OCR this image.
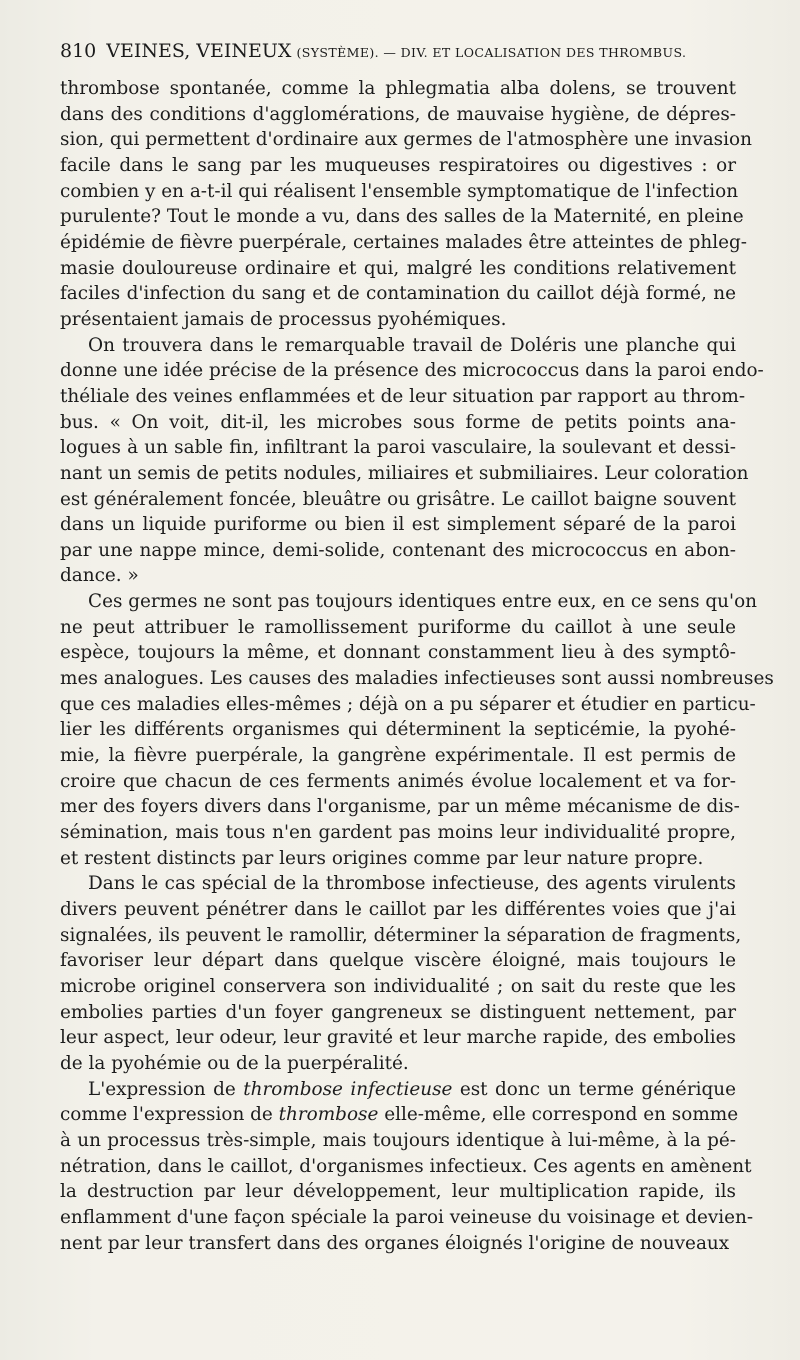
810 VEINES, VEINEUX (SYSTÈME). — DIV. ET LOCALISATION DES THROMBUS.
thrombose spontanée, comme la phlegmatia alba dolens, se trouvent
dans des conditions d'agglomérations, de mauvaise hygiène, de dépres-
sion, qui permettent d'ordinaire aux germes de l'atmosphère une invasion
facile dans le sang par les muqueuses respiratoires ou digestives : or
combien y en a-t-il qui réalisent l'ensemble symptomatique de l'infection
purulente? Tout le monde a vu, dans des salles de la Maternité, en pleine
épidémie de fièvre puerpérale, certaines malades être atteintes de phleg-
masie douloureuse ordinaire et qui, malgré les conditions relativement
faciles d'infection du sang et de contamination du caillot déjà formé, ne
présentaient jamais de processus pyohémiques.
On trouvera dans le remarquable travail de Doléris une planche qui
donne une idée précise de la présence des micrococcus dans la paroi endo-
théliale des veines enflammées et de leur situation par rapport au throm-
bus. « On voit, dit-il, les microbes sous forme de petits points ana-
logues à un sable fin, infiltrant la paroi vasculaire, la soulevant et dessi-
nant un semis de petits nodules, miliaires et submiliaires. Leur coloration
est généralement foncée, bleuâtre ou grisâtre. Le caillot baigne souvent
dans un liquide puriforme ou bien il est simplement séparé de la paroi
par une nappe mince, demi-solide, contenant des micrococcus en abon-
dance. »
Ces germes ne sont pas toujours identiques entre eux, en ce sens qu'on
ne peut attribuer le ramollissement puriforme du caillot à une seule
espèce, toujours la même, et donnant constamment lieu à des symptô-
mes analogues. Les causes des maladies infectieuses sont aussi nombreuses
que ces maladies elles-mêmes ; déjà on a pu séparer et étudier en particu-
lier les différents organismes qui déterminent la septicémie, la pyohé-
mie, la fièvre puerpérale, la gangrène expérimentale. Il est permis de
croire que chacun de ces ferments animés évolue localement et va for-
mer des foyers divers dans l'organisme, par un même mécanisme de dis-
sémination, mais tous n'en gardent pas moins leur individualité propre,
et restent distincts par leurs origines comme par leur nature propre.
Dans le cas spécial de la thrombose infectieuse, des agents virulents
divers peuvent pénétrer dans le caillot par les différentes voies que j'ai
signalées, ils peuvent le ramollir, déterminer la séparation de fragments,
favoriser leur départ dans quelque viscère éloigné, mais toujours le
microbe originel conservera son individualité ; on sait du reste que les
embolies parties d'un foyer gangreneux se distinguent nettement, par
leur aspect, leur odeur, leur gravité et leur marche rapide, des embolies
de la pyohémie ou de la puerpéralité.
L'expression de thrombose infectieuse est donc un terme générique
comme l'expression de thrombose elle-même, elle correspond en somme
à un processus très-simple, mais toujours identique à lui-même, à la pé-
nétration, dans le caillot, d'organismes infectieux. Ces agents en amènent
la destruction par leur développement, leur multiplication rapide, ils
enflamment d'une façon spéciale la paroi veineuse du voisinage et devien-
nent par leur transfert dans des organes éloignés l'origine de nouveaux
